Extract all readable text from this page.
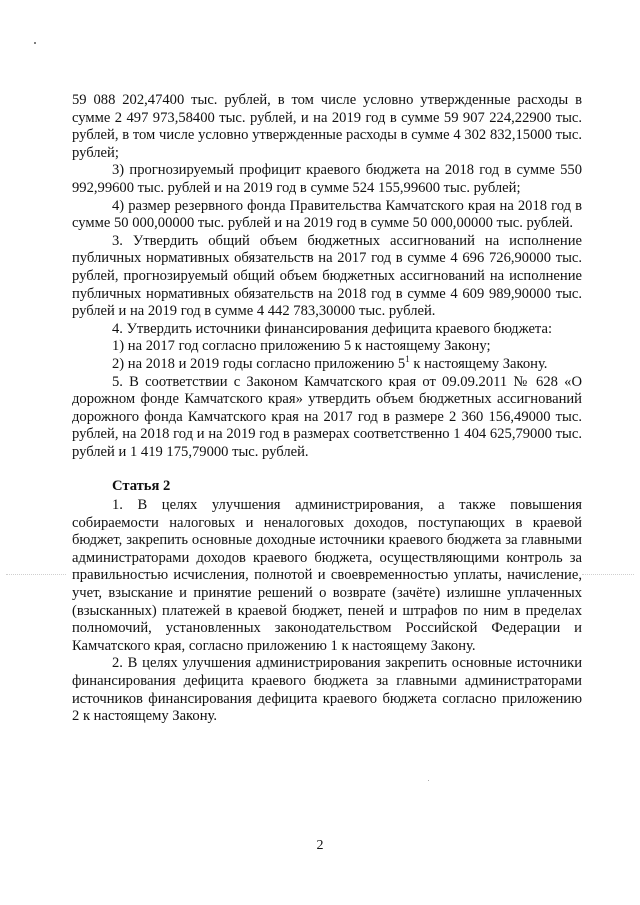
59 088 202,47400 тыс. рублей, в том числе условно утвержденные расходы в сумме 2 497 973,58400 тыс. рублей, и на 2019 год в сумме 59 907 224,22900 тыс. рублей, в том числе условно утвержденные расходы в сумме 4 302 832,15000 тыс. рублей;

3) прогнозируемый профицит краевого бюджета на 2018 год в сумме 550 992,99600 тыс. рублей и на 2019 год в сумме 524 155,99600 тыс. рублей;

4) размер резервного фонда Правительства Камчатского края на 2018 год в сумме 50 000,00000 тыс. рублей и на 2019 год в сумме 50 000,00000 тыс. рублей.

3. Утвердить общий объем бюджетных ассигнований на исполнение публичных нормативных обязательств на 2017 год в сумме 4 696 726,90000 тыс. рублей, прогнозируемый общий объем бюджетных ассигнований на исполнение публичных нормативных обязательств на 2018 год в сумме 4 609 989,90000 тыс. рублей и на 2019 год в сумме 4 442 783,30000 тыс. рублей.

4. Утвердить источники финансирования дефицита краевого бюджета:

1) на 2017 год согласно приложению 5 к настоящему Закону;

2) на 2018 и 2019 годы согласно приложению $5^1$ к настоящему Закону.

5. В соответствии с Законом Камчатского края от 09.09.2011 № 628 «О дорожном фонде Камчатского края» утвердить объем бюджетных ассигнований дорожного фонда Камчатского края на 2017 год в размере 2 360 156,49000 тыс. рублей, на 2018 год и на 2019 год в размерах соответственно 1 404 625,79000 тыс. рублей и 1 419 175,79000 тыс. рублей.

Статья 2

1. В целях улучшения администрирования, а также повышения собираемости налоговых и неналоговых доходов, поступающих в краевой бюджет, закрепить основные доходные источники краевого бюджета за главными администраторами доходов краевого бюджета, осуществляющими контроль за правильностью исчисления, полнотой и своевременностью уплаты, начисление, учет, взыскание и принятие решений о возврате (зачёте) излишне уплаченных (взысканных) платежей в краевой бюджет, пеней и штрафов по ним в пределах полномочий, установленных законодательством Российской Федерации и Камчатского края, согласно приложению 1 к настоящему Закону.

2. В целях улучшения администрирования закрепить основные источники финансирования дефицита краевого бюджета за главными администраторами источников финансирования дефицита краевого бюджета согласно приложению 2 к настоящему Закону.

2
